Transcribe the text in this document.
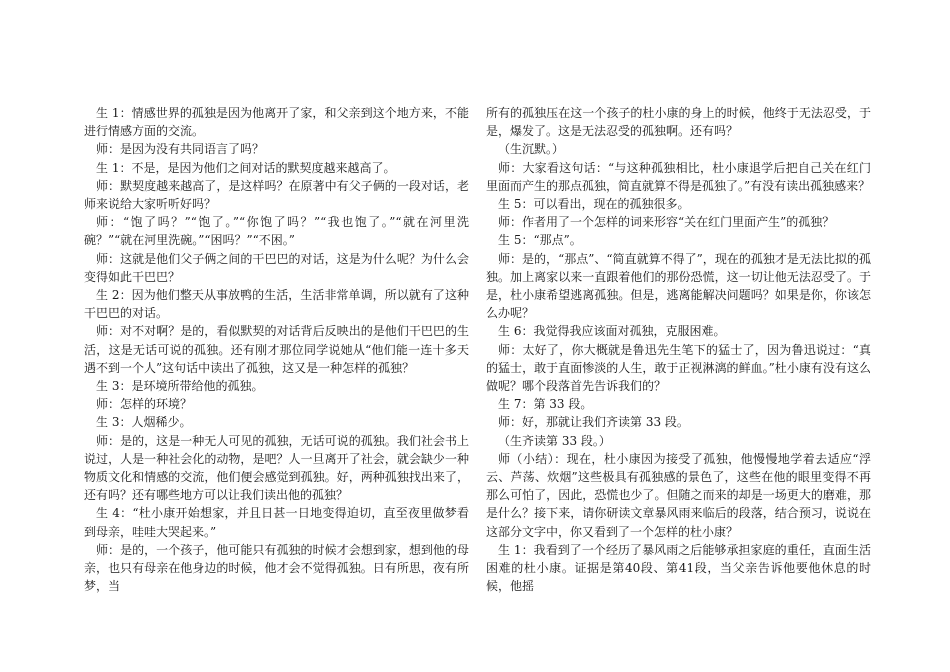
生 1：情感世界的孤独是因为他离开了家，和父亲到这个地方来，不能进行情感方面的交流。

师：是因为没有共同语言了吗？

生 1：不是，是因为他们之间对话的默契度越来越高了。

师：默契度越来越高了，是这样吗？在原著中有父子俩的一段对话，老师来说给大家听听好吗？

师：“饱了吗？”“饱了。”“你饱了吗？”“我也饱了。”“就在河里洗碗？”“就在河里洗碗。”“困吗？”“不困。”

师：这就是他们父子俩之间的干巴巴的对话，这是为什么呢？为什么会变得如此干巴巴？

生 2：因为他们整天从事放鸭的生活，生活非常单调，所以就有了这种干巴巴的对话。

师：对不对啊？是的，看似默契的对话背后反映出的是他们干巴巴的生活，这是无话可说的孤独。还有刚才那位同学说她从“他们能一连十多天遇不到一个人”这句话中读出了孤独，这又是一种怎样的孤独？

生 3：是环境所带给他的孤独。

师：怎样的环境？

生 3：人烟稀少。

师：是的，这是一种无人可见的孤独，无话可说的孤独。我们社会书上说过，人是一种社会化的动物，是吧？人一旦离开了社会，就会缺少一种物质文化和情感的交流，他们便会感觉到孤独。好，两种孤独找出来了，还有吗？还有哪些地方可以让我们读出他的孤独？

生 4：“杜小康开始想家，并且日甚一日地变得迫切，直至夜里做梦看到母亲，哇哇大哭起来。”

师：是的，一个孩子，他可能只有孤独的时候才会想到家，想到他的母亲，也只有母亲在他身边的时候，他才会不觉得孤独。日有所思，夜有所梦，当

所有的孤独压在这一个孩子的杜小康的身上的时候，他终于无法忍受，于是，爆发了。这是无法忍受的孤独啊。还有吗？

（生沉默。）

师：大家看这句话：“与这种孤独相比，杜小康退学后把自己关在红门里面而产生的那点孤独，简直就算不得是孤独了。”有没有读出孤独感来？

生 5：可以看出，现在的孤独很多。

师：作者用了一个怎样的词来形容“关在红门里面产生”的孤独？

生 5：“那点”。

师：是的，“那点”、“简直就算不得了”，现在的孤独才是无法比拟的孤独。加上离家以来一直跟着他们的那份恐慌，这一切让他无法忍受了。于是，杜小康希望逃离孤独。但是，逃离能解决问题吗？如果是你，你该怎么办呢？

生 6：我觉得我应该面对孤独，克服困难。

师：太好了，你大概就是鲁迅先生笔下的猛士了，因为鲁迅说过：“真的猛士，敢于直面惨淡的人生，敢于正视淋漓的鲜血。”杜小康有没有这么做呢？哪个段落首先告诉我们的？

生 7：第 33 段。

师：好，那就让我们齐读第 33 段。

（生齐读第 33 段。）

师（小结）：现在，杜小康因为接受了孤独，他慢慢地学着去适应“浮云、芦荡、炊烟”这些极具有孤独感的景色了，这些在他的眼里变得不再那么可怕了，因此，恐慌也少了。但随之而来的却是一场更大的磨难，那是什么？接下来，请你研读文章暴风雨来临后的段落，结合预习，说说在这部分文字中，你又看到了一个怎样的杜小康？

生 1：我看到了一个经历了暴风雨之后能够承担家庭的重任，直面生活困难的杜小康。证据是第40段、第41段，当父亲告诉他要他休息的时候，他摇
